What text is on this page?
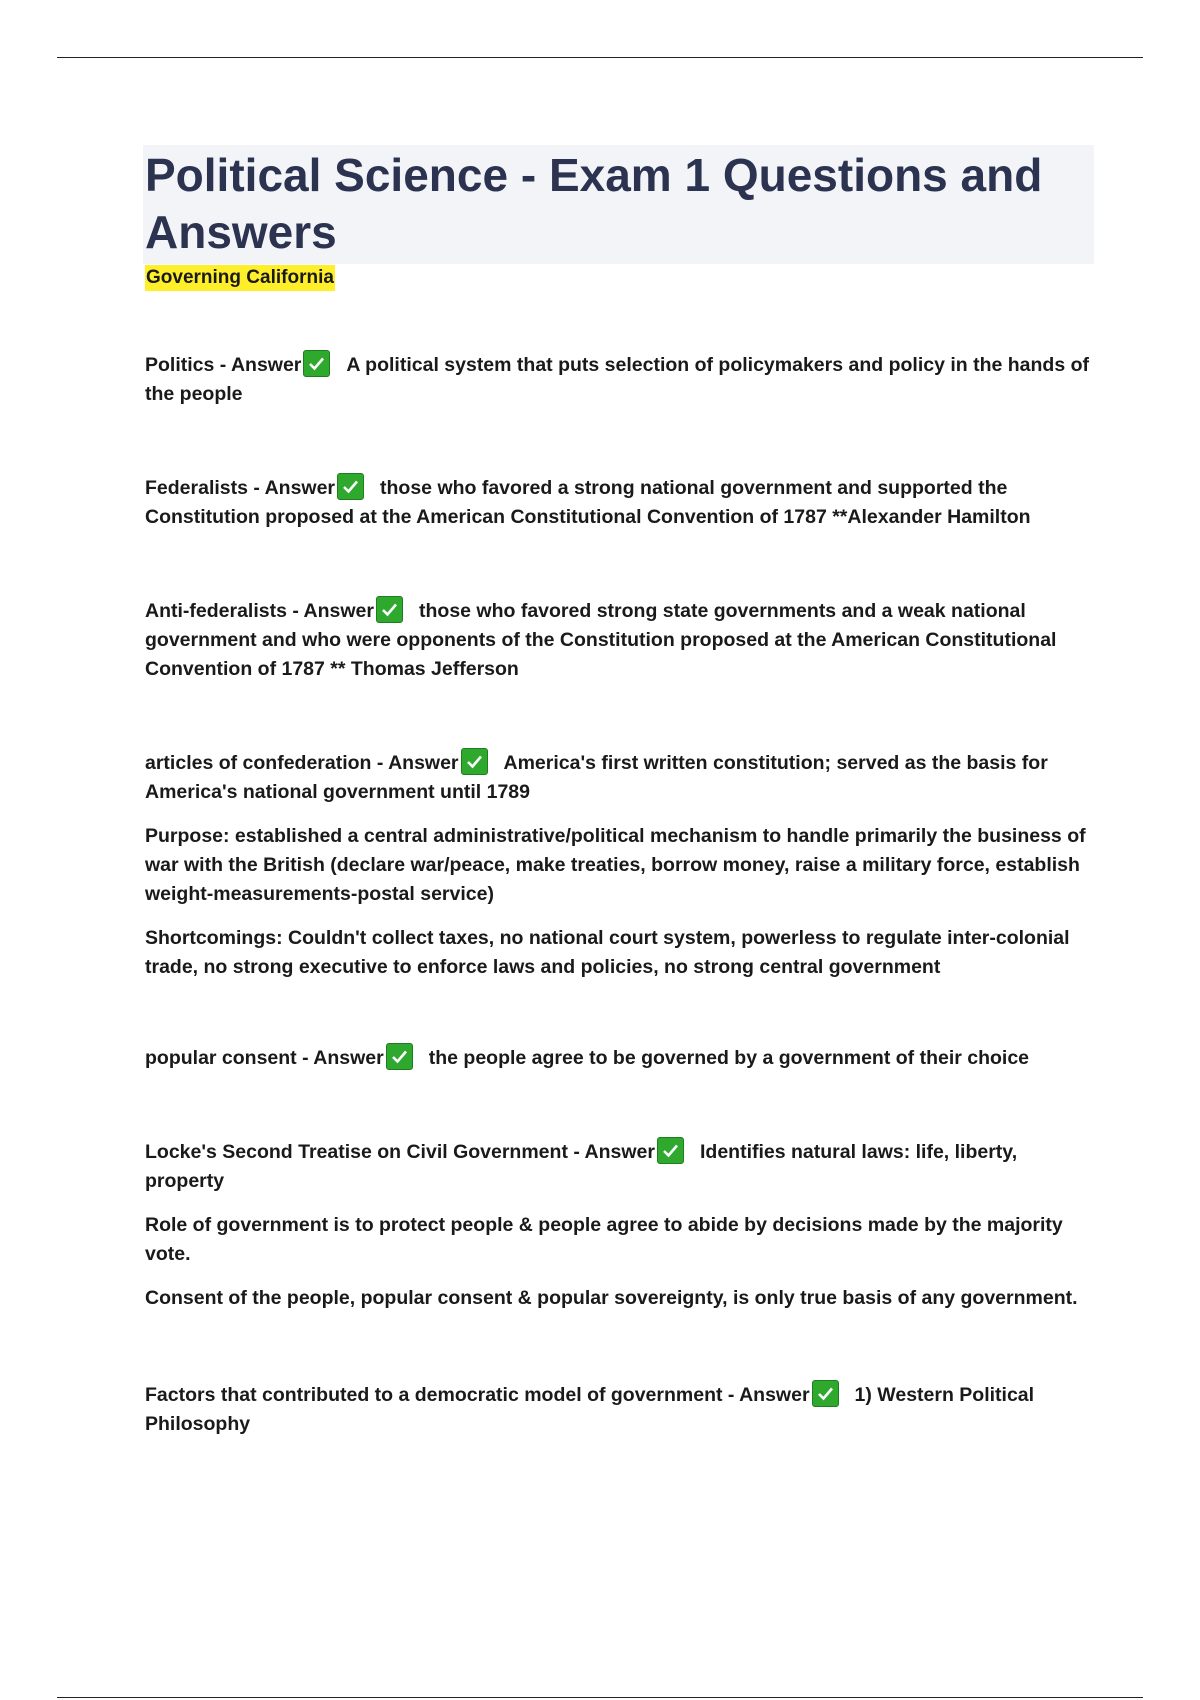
Political Science - Exam 1 Questions and Answers
Governing California

Politics - Answer A political system that puts selection of policymakers and policy in the hands of the people

Federalists - Answer those who favored a strong national government and supported the Constitution proposed at the American Constitutional Convention of 1787 **Alexander Hamilton

Anti-federalists - Answer those who favored strong state governments and a weak national government and who were opponents of the Constitution proposed at the American Constitutional Convention of 1787 ** Thomas Jefferson

articles of confederation - Answer America's first written constitution; served as the basis for America's national government until 1789

Purpose: established a central administrative/political mechanism to handle primarily the business of war with the British (declare war/peace, make treaties, borrow money, raise a military force, establish weight-measurements-postal service)

Shortcomings: Couldn't collect taxes, no national court system, powerless to regulate inter-colonial trade, no strong executive to enforce laws and policies, no strong central government

popular consent - Answer the people agree to be governed by a government of their choice

Locke's Second Treatise on Civil Government - Answer Identifies natural laws: life, liberty, property

Role of government is to protect people & people agree to abide by decisions made by the majority vote.

Consent of the people, popular consent & popular sovereignty, is only true basis of any government.

Factors that contributed to a democratic model of government - Answer 1) Western Political Philosophy
